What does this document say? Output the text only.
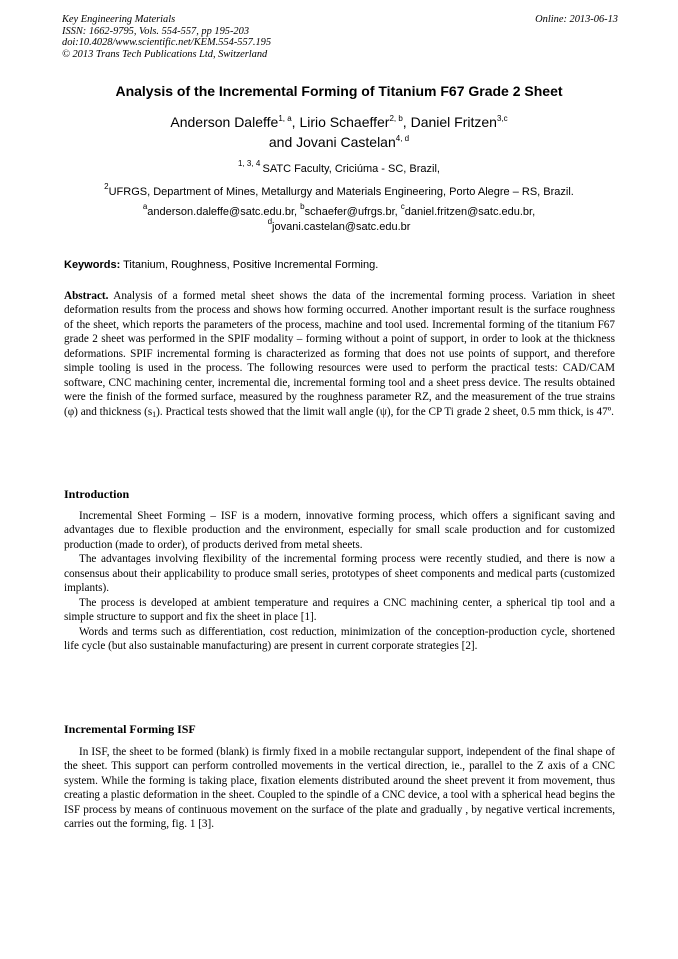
Key Engineering Materials
ISSN: 1662-9795, Vols. 554-557, pp 195-203
doi:10.4028/www.scientific.net/KEM.554-557.195
© 2013 Trans Tech Publications Ltd, Switzerland
Online: 2013-06-13
Analysis of the Incremental Forming of Titanium F67 Grade 2 Sheet
Anderson Daleffe$^{1, a}$, Lirio Schaeffer$^{2, b}$, Daniel Fritzen$^{3,c}$
and Jovani Castelan$^{4, d}$
$^{1, 3, 4}$ SATC Faculty, Criciúma - SC, Brazil,
$^2$UFRGS, Department of Mines, Metallurgy and Materials Engineering, Porto Alegre – RS, Brazil.
$^a$anderson.daleffe@satc.edu.br, $^b$schaefer@ufrgs.br, $^c$daniel.fritzen@satc.edu.br,
$^d$jovani.castelan@satc.edu.br
Keywords: Titanium, Roughness, Positive Incremental Forming.

Abstract. Analysis of a formed metal sheet shows the data of the incremental forming process. Variation in sheet deformation results from the process and shows how forming occurred. Another important result is the surface roughness of the sheet, which reports the parameters of the process, machine and tool used. Incremental forming of the titanium F67 grade 2 sheet was performed in the SPIF modality – forming without a point of support, in order to look at the thickness deformations. SPIF incremental forming is characterized as forming that does not use points of support, and therefore simple tooling is used in the process. The following resources were used to perform the practical tests: CAD/CAM software, CNC machining center, incremental die, incremental forming tool and a sheet press device. The results obtained were the finish of the formed surface, measured by the roughness parameter RZ, and the measurement of the true strains (φ) and thickness $(s_1)$. Practical tests showed that the limit wall angle (ψ), for the CP Ti grade 2 sheet, 0.5 mm thick, is 47º.

Introduction

Incremental Sheet Forming – ISF is a modern, innovative forming process, which offers a significant saving and advantages due to flexible production and the environment, especially for small scale production and for customized production (made to order), of products derived from metal sheets.

The advantages involving flexibility of the incremental forming process were recently studied, and there is now a consensus about their applicability to produce small series, prototypes of sheet components and medical parts (customized implants).

The process is developed at ambient temperature and requires a CNC machining center, a spherical tip tool and a simple structure to support and fix the sheet in place [1].

Words and terms such as differentiation, cost reduction, minimization of the conception-production cycle, shortened life cycle (but also sustainable manufacturing) are present in current corporate strategies [2].

Incremental Forming ISF

In ISF, the sheet to be formed (blank) is firmly fixed in a mobile rectangular support, independent of the final shape of the sheet. This support can perform controlled movements in the vertical direction, ie., parallel to the Z axis of a CNC system. While the forming is taking place, fixation elements distributed around the sheet prevent it from movement, thus creating a plastic deformation in the sheet. Coupled to the spindle of a CNC device, a tool with a spherical head begins the ISF process by means of continuous movement on the surface of the plate and gradually , by negative vertical increments, carries out the forming, fig. 1 [3].
